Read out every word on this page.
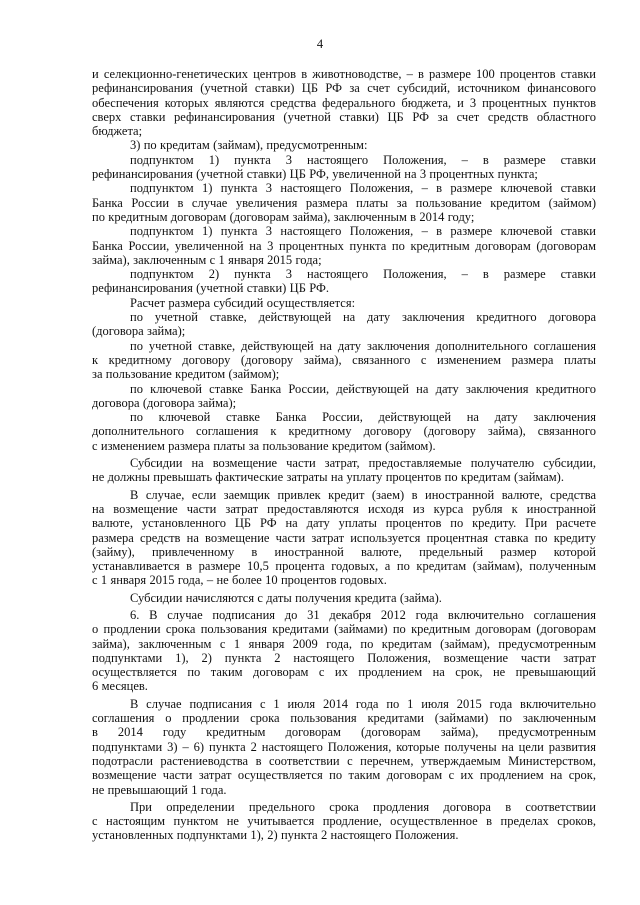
4
и селекционно-генетических центров в животноводстве, – в размере 100 процентов ставки
рефинансирования (учетной ставки) ЦБ РФ за счет субсидий, источником финансового
обеспечения которых являются средства федерального бюджета, и 3 процентных пунктов
сверх ставки рефинансирования (учетной ставки) ЦБ РФ за счет средств областного
бюджета;
3) по кредитам (займам), предусмотренным:
подпунктом 1) пункта 3 настоящего Положения, – в размере ставки
рефинансирования (учетной ставки) ЦБ РФ, увеличенной на 3 процентных пункта;
подпунктом 1) пункта 3 настоящего Положения, – в размере ключевой ставки
Банка России в случае увеличения размера платы за пользование кредитом (займом)
по кредитным договорам (договорам займа), заключенным в 2014 году;
подпунктом 1) пункта 3 настоящего Положения, – в размере ключевой ставки
Банка России, увеличенной на 3 процентных пункта по кредитным договорам (договорам
займа), заключенным с 1 января 2015 года;
подпунктом 2) пункта 3 настоящего Положения, – в размере ставки
рефинансирования (учетной ставки) ЦБ РФ.
Расчет размера субсидий осуществляется:
по учетной ставке, действующей на дату заключения кредитного договора
(договора займа);
по учетной ставке, действующей на дату заключения дополнительного соглашения
к кредитному договору (договору займа), связанного с изменением размера платы
за пользование кредитом (займом);
по ключевой ставке Банка России, действующей на дату заключения кредитного
договора (договора займа);
по ключевой ставке Банка России, действующей на дату заключения
дополнительного соглашения к кредитному договору (договору займа), связанного
с изменением размера платы за пользование кредитом (займом).
Субсидии на возмещение части затрат, предоставляемые получателю субсидии,
не должны превышать фактические затраты на уплату процентов по кредитам (займам).
В случае, если заемщик привлек кредит (заем) в иностранной валюте, средства
на возмещение части затрат предоставляются исходя из курса рубля к иностранной
валюте, установленного ЦБ РФ на дату уплаты процентов по кредиту. При расчете
размера средств на возмещение части затрат используется процентная ставка по кредиту
(займу), привлеченному в иностранной валюте, предельный размер которой
устанавливается в размере 10,5 процента годовых, а по кредитам (займам), полученным
с 1 января 2015 года, – не более 10 процентов годовых.
Субсидии начисляются с даты получения кредита (займа).
6. В случае подписания до 31 декабря 2012 года включительно соглашения
о продлении срока пользования кредитами (займами) по кредитным договорам (договорам
займа), заключенным с 1 января 2009 года, по кредитам (займам), предусмотренным
подпунктами 1), 2) пункта 2 настоящего Положения, возмещение части затрат
осуществляется по таким договорам с их продлением на срок, не превышающий
6 месяцев.
В случае подписания с 1 июля 2014 года по 1 июля 2015 года включительно
соглашения о продлении срока пользования кредитами (займами) по заключенным
в 2014 году кредитным договорам (договорам займа), предусмотренным
подпунктами 3) – 6) пункта 2 настоящего Положения, которые получены на цели развития
подотрасли растениеводства в соответствии с перечнем, утверждаемым Министерством,
возмещение части затрат осуществляется по таким договорам с их продлением на срок,
не превышающий 1 года.
При определении предельного срока продления договора в соответствии
с настоящим пунктом не учитывается продление, осуществленное в пределах сроков,
установленных подпунктами 1), 2) пункта 2 настоящего Положения.
